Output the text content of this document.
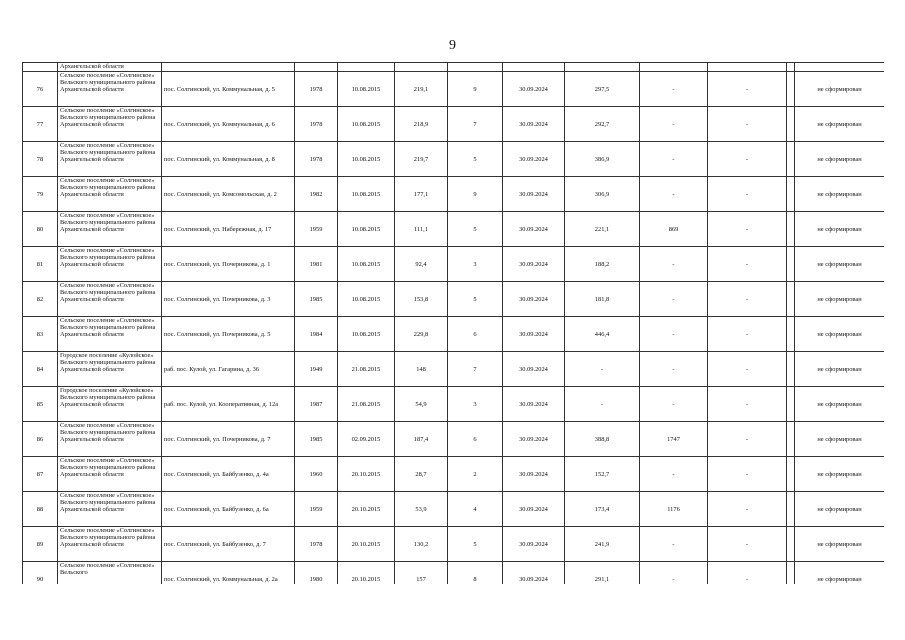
9
	Архангельской области											
76	Сельское поселение «Солгинское» Вельского муниципального района Архангельской области	пос. Солгинский, ул. Коммунальная, д. 5	1978	10.08.2015	219,1	9	30.09.2024	297,5	-	-		не сформирован
77	Сельское поселение «Солгинское» Вельского муниципального района Архангельской области	пос. Солгинский, ул. Коммунальная, д. 6	1978	10.08.2015	218,9	7	30.09.2024	292,7	-	-		не сформирован
78	Сельское поселение «Солгинское» Вельского муниципального района Архангельской области	пос. Солгинский, ул. Коммунальная, д. 8	1978	10.08.2015	219,7	5	30.09.2024	386,9	-	-		не сформирован
79	Сельское поселение «Солгинское» Вельского муниципального района Архангельской области	пос. Солгинский, ул. Комсомольская, д. 2	1982	10.08.2015	177,1	9	30.09.2024	306,9	-	-		не сформирован
80	Сельское поселение «Солгинское» Вельского муниципального района Архангельской области	пос. Солгинский, ул. Набережная, д. 17	1959	10.08.2015	111,1	5	30.09.2024	221,1	869	-		не сформирован
81	Сельское поселение «Солгинское» Вельского муниципального района Архангельской области	пос. Солгинский, ул. Почерникова, д. 1	1981	10.08.2015	92,4	3	30.09.2024	188,2	-	-		не сформирован
82	Сельское поселение «Солгинское» Вельского муниципального района Архангельской области	пос. Солгинский, ул. Почерникова, д. 3	1985	10.08.2015	153,8	5	30.09.2024	181,8	-	-		не сформирован
83	Сельское поселение «Солгинское» Вельского муниципального района Архангельской области	пос. Солгинский, ул. Почерникова, д. 5	1984	10.08.2015	229,8	6	30.09.2024	446,4	-	-		не сформирован
84	Городское поселение «Кулойское» Вельского муниципального района Архангельской области	раб. пос. Кулой, ул. Гагарина, д. 36	1949	21.08.2015	148	7	30.09.2024	-	-	-		не сформирован
85	Городское поселение «Кулойское» Вельского муниципального района Архангельской области	раб. пос. Кулой, ул. Кооперативная, д. 12а	1987	21.08.2015	54,9	3	30.09.2024	-	-	-		не сформирован
86	Сельское поселение «Солгинское» Вельского муниципального района Архангельской области	пос. Солгинский, ул. Почерникова, д. 7	1985	02.09.2015	187,4	6	30.09.2024	388,8	1747	-		не сформирован
87	Сельское поселение «Солгинское» Вельского муниципального района Архангельской области	пос. Солгинский, ул. Байбузенко, д. 4а	1960	20.10.2015	28,7	2	30.09.2024	152,7	-	-		не сформирован
88	Сельское поселение «Солгинское» Вельского муниципального района Архангельской области	пос. Солгинский, ул. Байбузенко, д. 6а	1959	20.10.2015	53,9	4	30.09.2024	173,4	1176	-		не сформирован
89	Сельское поселение «Солгинское» Вельского муниципального района Архангельской области	пос. Солгинский, ул. Байбузенко, д. 7	1978	20.10.2015	130,2	5	30.09.2024	241,9	-	-		не сформирован
90	Сельское поселение «Солгинское» Вельского	пос. Солгинский, ул. Коммунальная, д. 2а	1980	20.10.2015	157	8	30.09.2024	291,1	-	-		не сформирован
